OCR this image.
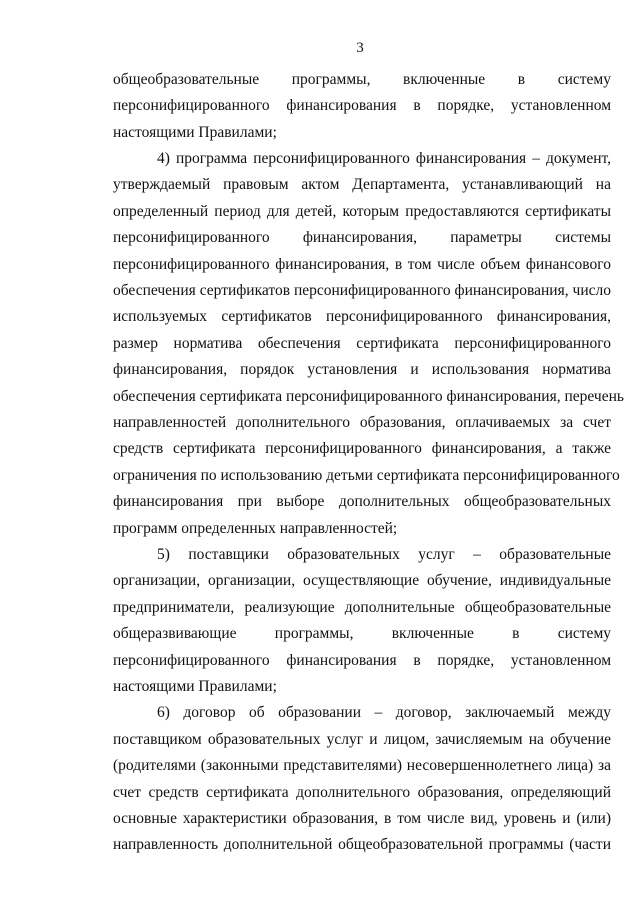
3
общеобразовательные программы, включенные в систему
персонифицированного финансирования в порядке, установленном
настоящими Правилами;
4) программа персонифицированного финансирования – документ,
утверждаемый правовым актом Департамента, устанавливающий на
определенный период для детей, которым предоставляются сертификаты
персонифицированного финансирования, параметры системы
персонифицированного финансирования, в том числе объем финансового
обеспечения сертификатов персонифицированного финансирования, число
используемых сертификатов персонифицированного финансирования,
размер норматива обеспечения сертификата персонифицированного
финансирования, порядок установления и использования норматива
обеспечения сертификата персонифицированного финансирования, перечень
направленностей дополнительного образования, оплачиваемых за счет
средств сертификата персонифицированного финансирования, а также
ограничения по использованию детьми сертификата персонифицированного
финансирования при выборе дополнительных общеобразовательных
программ определенных направленностей;
5) поставщики образовательных услуг – образовательные
организации, организации, осуществляющие обучение, индивидуальные
предприниматели, реализующие дополнительные общеобразовательные
общеразвивающие программы, включенные в систему
персонифицированного финансирования в порядке, установленном
настоящими Правилами;
6) договор об образовании – договор, заключаемый между
поставщиком образовательных услуг и лицом, зачисляемым на обучение
(родителями (законными представителями) несовершеннолетнего лица) за
счет средств сертификата дополнительного образования, определяющий
основные характеристики образования, в том числе вид, уровень и (или)
направленность дополнительной общеобразовательной программы (части
